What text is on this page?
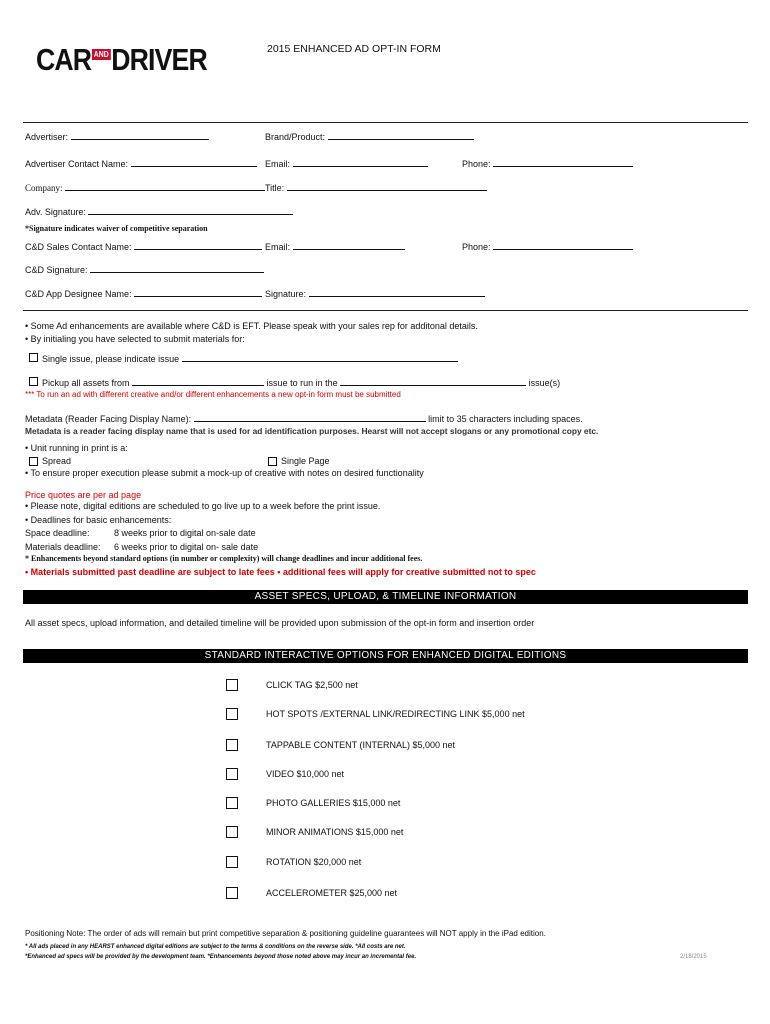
CAR AND DRIVER	2015 ENHANCED AD OPT-IN FORM
Advertiser:	Brand/Product:
Advertiser Contact Name:	Email:	Phone:
Company:	Title:
Adv. Signature:
*Signature indicates waiver of competitive separation
C&D Sales Contact Name:	Email:	Phone:
C&D Signature:
C&D App Designee Name:	Signature:
• Some Ad enhancements are available where C&D is EFT. Please speak with your sales rep for additonal details.
• By initialing you have selected to submit materials for:
Single issue, please indicate issue
Pickup all assets from	issue to run in the	issue(s)
*** To run an ad with different creative and/or different enhancements a new opt-in form must be submitted
Metadata (Reader Facing Display Name):	limit to 35 characters including spaces.
Metadata is a reader facing display name that is used for ad identification purposes. Hearst will not accept slogans or any promotional copy etc.
• Unit running in print is a:
Spread	Single Page
• To ensure proper execution please submit a mock-up of creative with notes on desired functionality
Price quotes are per ad page
• Please note, digital editions are scheduled to go live up to a week before the print issue.
• Deadlines for basic enhancements:
Space deadline:	8 weeks prior to digital on-sale date
Materials deadline: 6 weeks prior to digital on- sale date
* Enhancements beyond standard options (in number or complexity) will change deadlines and incur additional fees.
• Materials submitted past deadline are subject to late fees • additional fees will apply for creative submitted not to spec
ASSET SPECS, UPLOAD, & TIMELINE INFORMATION
All asset specs, upload information, and detailed timeline will be provided upon submission of the opt-in form and insertion order
STANDARD INTERACTIVE OPTIONS FOR ENHANCED DIGITAL EDITIONS
CLICK TAG $2,500 net
HOT SPOTS /EXTERNAL LINK/REDIRECTING LINK $5,000 net
TAPPABLE CONTENT (INTERNAL) $5,000 net
VIDEO $10,000 net
PHOTO GALLERIES $15,000 net
MINOR ANIMATIONS $15,000 net
ROTATION $20,000 net
ACCELEROMETER $25,000 net
Positioning Note: The order of ads will remain but print competitive separation & positioning guideline guarantees will NOT apply in the iPad edition.
* All ads placed in any HEARST enhanced digital editions are subject to the terms & conditions on the reverse side. *All costs are net.
*Enhanced ad specs will be provided by the development team. *Enhancements beyond those noted above may incur an incremental fee.	2/18/2015
